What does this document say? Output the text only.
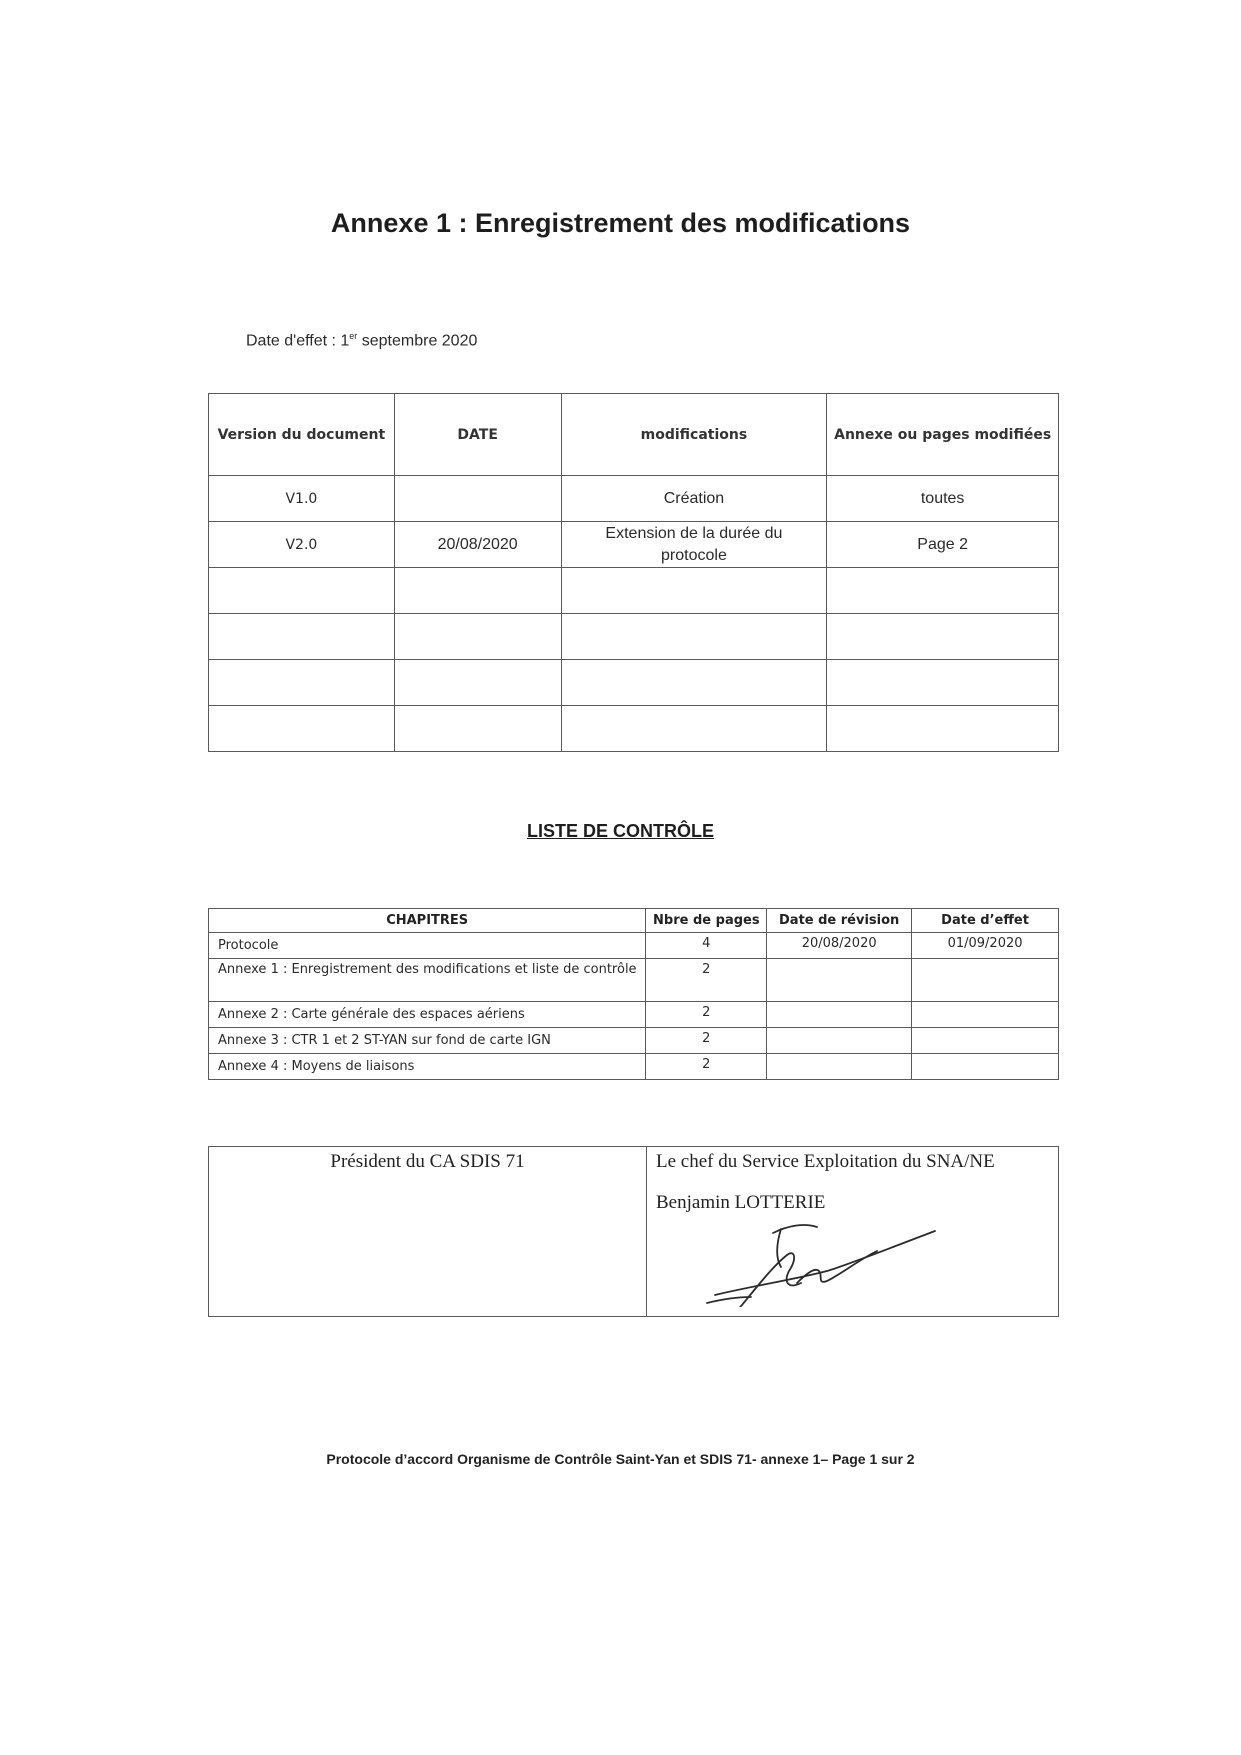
Annexe 1 : Enregistrement des modifications
Date d'effet : 1er septembre 2020
Version du document	DATE	modifications	Annexe ou pages modifiées
V1.0		Création	toutes
V2.0	20/08/2020	Extension de la durée du protocole	Page 2

LISTE DE CONTRÔLE
CHAPITRES	Nbre de pages	Date de révision	Date d’effet
Protocole	4	20/08/2020	01/09/2020
Annexe 1 : Enregistrement des modifications et liste de contrôle	2		
Annexe 2 : Carte générale des espaces aériens	2		
Annexe 3 : CTR 1 et 2 ST-YAN sur fond de carte IGN	2		
Annexe 4 : Moyens de liaisons	2		
Président du CA SDIS 71	Le chef du Service Exploitation du SNA/NE
Benjamin LOTTERIE
Protocole d’accord Organisme de Contrôle Saint-Yan et SDIS 71- annexe 1– Page 1 sur 2
